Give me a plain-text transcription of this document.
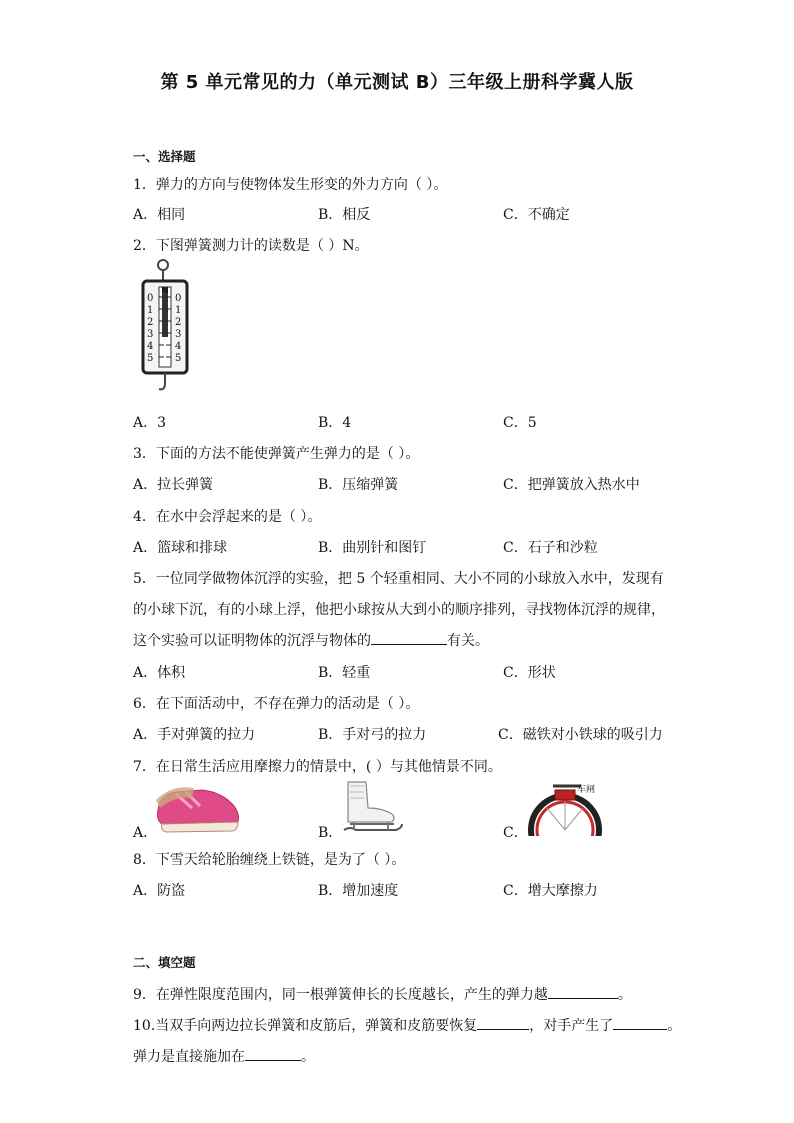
第 5 单元常见的力（单元测试 B）三年级上册科学冀人版
一、选择题
1．弹力的方向与使物体发生形变的外力方向（ ）。
A．相同	B．相反	C．不确定
2．下图弹簧测力计的读数是（ ）N。
N
0
1
2
3
4
5
0
1
2
3
4
5
A．3	B．4	C．5
3．下面的方法不能使弹簧产生弹力的是（ ）。
A．拉长弹簧	B．压缩弹簧	C．把弹簧放入热水中
4．在水中会浮起来的是（ ）。
A．篮球和排球	B．曲别针和图钉	C．石子和沙粒
5．一位同学做物体沉浮的实验，把 5 个轻重相同、大小不同的小球放入水中，发现有
的小球下沉，有的小球上浮，他把小球按从大到小的顺序排列，寻找物体沉浮的规律，
这个实验可以证明物体的沉浮与物体的	有关。
A．体积	B．轻重	C．形状
6．在下面活动中，不存在弹力的活动是（ ）。
A．手对弹簧的拉力	B．手对弓的拉力	C．磁铁对小铁球的吸引力
7．在日常生活应用摩擦力的情景中，( ）与其他情景不同。
A．	B．	C．
车闸
8．下雪天给轮胎缠绕上铁链，是为了（ ）。
A．防盗	B．增加速度	C．增大摩擦力
二、填空题
9．在弹性限度范围内，同一根弹簧伸长的长度越长，产生的弹力越	。
10.当双手向两边拉长弹簧和皮筋后，弹簧和皮筋要恢复	，对手产生了	。
弹力是直接施加在	。
